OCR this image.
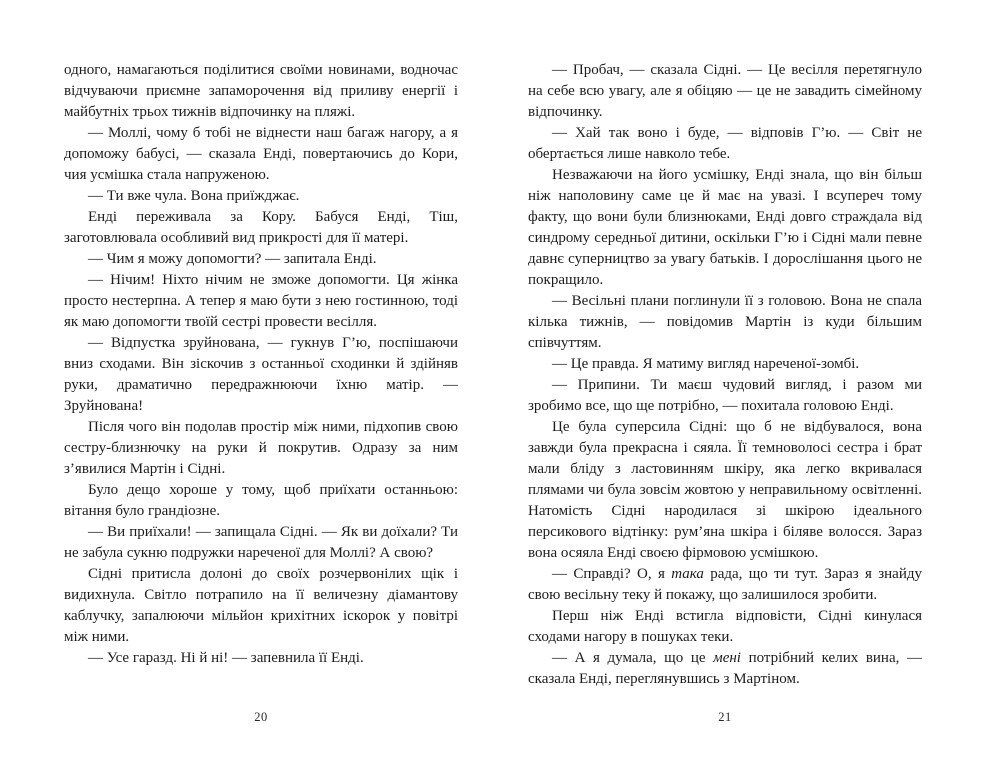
одного, намагаються поділитися своїми новинами, водночас відчуваючи приємне запаморочення від приливу енергії і майбутніх трьох тижнів відпочинку на пляжі.

— Моллі, чому б тобі не віднести наш багаж нагору, а я допоможу бабусі, — сказала Енді, повертаючись до Кори, чия усмішка стала напруженою.

— Ти вже чула. Вона приїжджає.

Енді переживала за Кору. Бабуся Енді, Тіш, заготовлювала особливий вид прикрості для її матері.

— Чим я можу допомогти? — запитала Енді.

— Нічим! Ніхто нічим не зможе допомогти. Ця жінка просто нестерпна. А тепер я маю бути з нею гостинною, тоді як маю допомогти твоїй сестрі провести весілля.

— Відпустка зруйнована, — гукнув Г’ю, поспішаючи вниз сходами. Він зіскочив з останньої сходинки й здійняв руки, драматично передражнюючи їхню матір. — Зруйнована!

Після чого він подолав простір між ними, підхопив свою сестру-близнючку на руки й покрутив. Одразу за ним з’явилися Мартін і Сідні.

Було дещо хороше у тому, щоб приїхати останньою: вітання було грандіозне.

— Ви приїхали! — запищала Сідні. — Як ви доїхали? Ти не забула сукню подружки нареченої для Моллі? А свою?

Сідні притисла долоні до своїх розчервонілих щік і видихнула. Світло потрапило на її величезну діамантову каблучку, запалюючи мільйон крихітних іскорок у повітрі між ними.

— Усе гаразд. Ні й ні! — запевнила її Енді.

20

— Пробач, — сказала Сідні. — Це весілля перетягнуло на себе всю увагу, але я обіцяю — це не завадить сімейному відпочинку.

— Хай так воно і буде, — відповів Г’ю. — Світ не обертається лише навколо тебе.

Незважаючи на його усмішку, Енді знала, що він більш ніж наполовину саме це й має на увазі. І всупереч тому факту, що вони були близнюками, Енді довго страждала від синдрому середньої дитини, оскільки Г’ю і Сідні мали певне давнє суперництво за увагу батьків. І дорослішання цього не покращило.

— Весільні плани поглинули її з головою. Вона не спала кілька тижнів, — повідомив Мартін із куди більшим співчуттям.

— Це правда. Я матиму вигляд нареченої-зомбі.

— Припини. Ти маєш чудовий вигляд, і разом ми зробимо все, що ще потрібно, — похитала головою Енді.

Це була суперсила Сідні: що б не відбувалося, вона завжди була прекрасна і сяяла. Її темноволосі сестра і брат мали бліду з ластовинням шкіру, яка легко вкривалася плямами чи була зовсім жовтою у неправильному освітленні. Натомість Сідні народилася зі шкірою ідеального персикового відтінку: рум’яна шкіра і біляве волосся. Зараз вона осяяла Енді своєю фірмовою усмішкою.

— Справді? О, я така рада, що ти тут. Зараз я знайду свою весільну теку й покажу, що залишилося зробити.

Перш ніж Енді встигла відповісти, Сідні кинулася сходами нагору в пошуках теки.

— А я думала, що це мені потрібний келих вина, — сказала Енді, переглянувшись з Мартіном.

21
